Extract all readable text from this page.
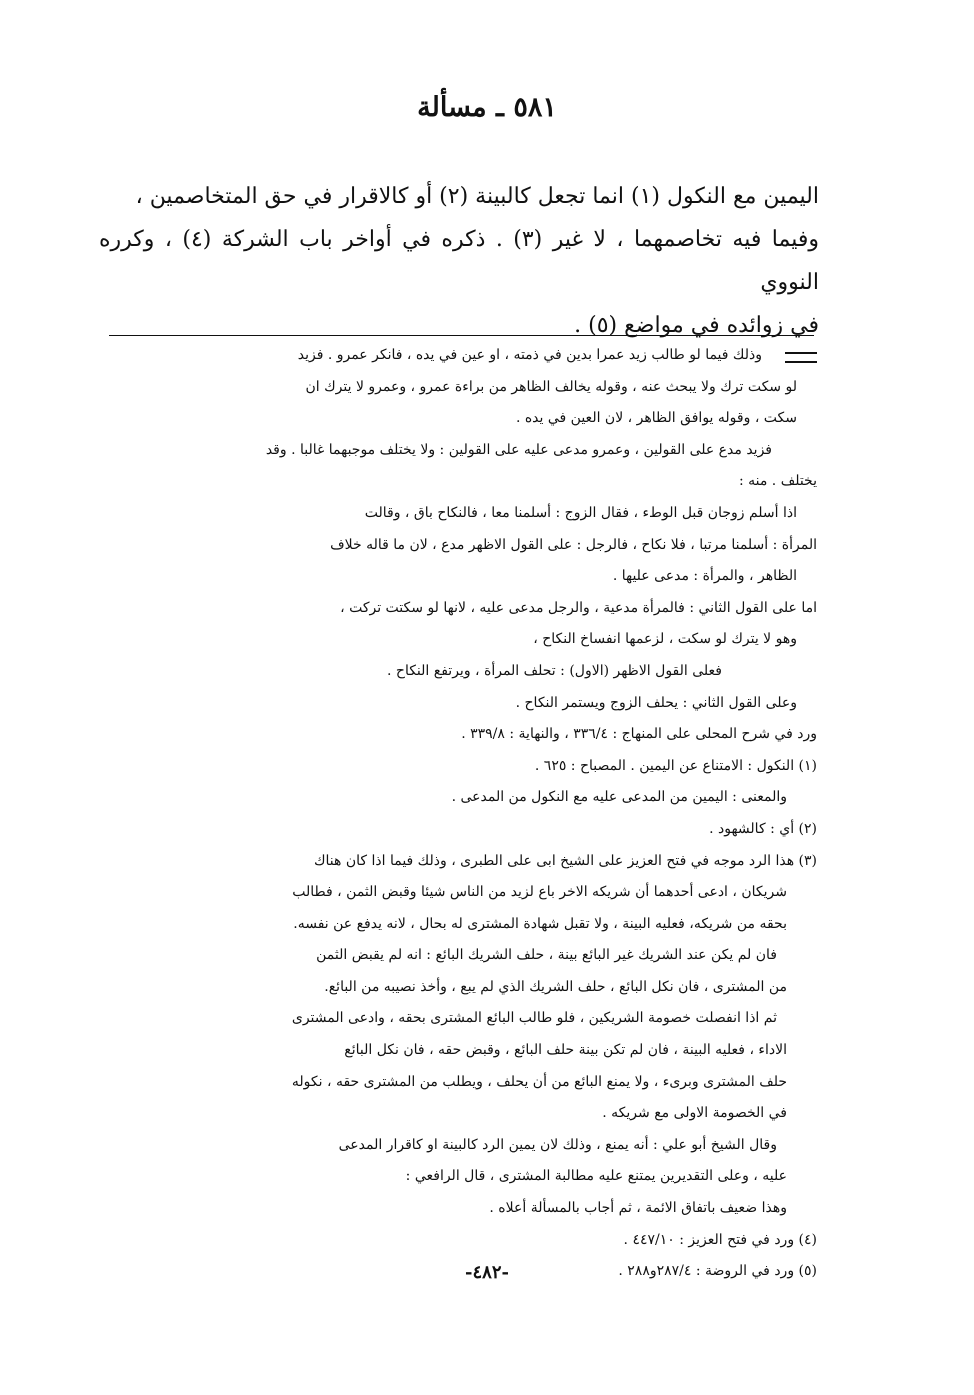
٥٨١ ـ مسألة

اليمين مع النكول (١) انما تجعل كالبينة (٢) أو كالاقرار في حق المتخاصمين ،

وفيما فيه تخاصمهما ، لا غير (٣) . ذكره في أواخر باب الشركة (٤) ، وكرره النووي

في زوائده في مواضع (٥) .

وذلك فيما لو طالب زيد عمرا بدين في ذمته ، او عين في يده ، فانكر عمرو . فزيد

لو سكت ترك ولا يبحث عنه ، وقوله يخالف الظاهر من براءة عمرو ، وعمرو لا يترك ان

سكت ، وقوله يوافق الظاهر ، لان العين في يده .

فزيد مدع على القولين ، وعمرو مدعى عليه على القولين : ولا يختلف موجبهما غالبا . وقد

يختلف . منه :

اذا أسلم زوجان قبل الوطء ، فقال الزوج : أسلمنا معا ، فالنكاح باق ، وقالت

المرأة : أسلمنا مرتبا ، فلا نكاح ، فالرجل : على القول الاظهر مدع ، لان ما قاله خلاف

الظاهر ، والمرأة : مدعى عليها .

اما على القول الثاني : فالمرأة مدعية ، والرجل مدعى عليه ، لانها لو سكتت تركت ،

وهو لا يترك لو سكت ، لزعمها انفساخ النكاح ،

فعلى القول الاظهر (الاول) : تحلف المرأة ، ويرتفع النكاح .

وعلى القول الثاني : يحلف الزوج ويستمر النكاح .

ورد في شرح المحلى على المنهاج : ٣٣٦/٤ ، والنهاية : ٣٣٩/٨ .

(١) النكول : الامتناع عن اليمين . المصباح : ٦٢٥ .

والمعنى : اليمين من المدعى عليه مع النكول من المدعى .

(٢) أي : كالشهود .

(٣) هذا الرد موجه في فتح العزيز على الشيخ ابى على الطبرى ، وذلك فيما اذا كان هناك

شريكان ، ادعى أحدهما أن شريكه الاخر باع لزيد من الناس شيئا وقبض الثمن ، فطالب

بحقه من شريكه، فعليه البينة ، ولا تقبل شهادة المشترى له بحال ، لانه يدفع عن نفسه.

فان لم يكن عند الشريك غير البائع بينة ، حلف الشريك البائع : انه لم يقبض الثمن

من المشترى ، فان نكل البائع ، حلف الشريك الذي لم يبع ، وأخذ نصيبه من البائع.

ثم اذا انفصلت خصومة الشريكين ، فلو طالب البائع المشترى بحقه ، وادعى المشترى

الاداء ، فعليه البينة ، فان لم تكن بينة حلف البائع ، وقبض حقه ، فان نكل البائع

حلف المشترى وبرىء ، ولا يمنع البائع من أن يحلف ، ويطلب من المشترى حقه ، نكوله

في الخصومة الاولى مع شريكه .

وقال الشيخ أبو علي : أنه يمنع ، وذلك لان يمين الرد كالبينة او كاقرار المدعى

عليه ، وعلى التقديرين يمتنع عليه مطالبة المشترى ، قال الرافعي :

وهذا ضعيف باتفاق الائمة ، ثم أجاب بالمسألة أعلاه .

(٤) ورد في فتح العزيز : ٤٤٧/١٠ .

(٥) ورد في الروضة : ٢٨٧/٤و٢٨٨ .

-٤٨٢-
